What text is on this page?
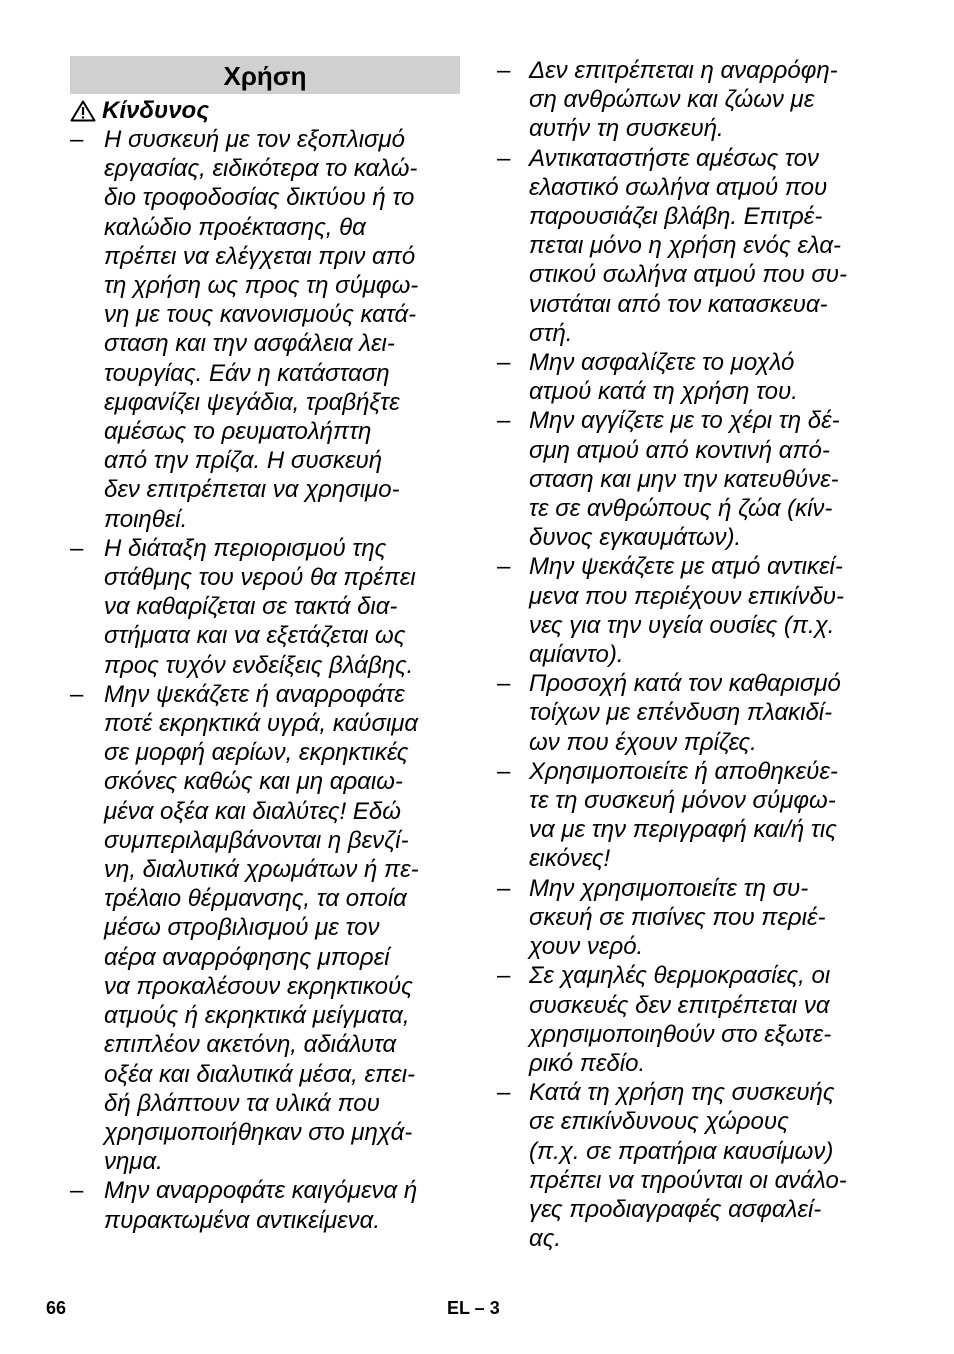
Χρήση
Κίνδυνος
– Η συσκευή με τον εξοπλισμό
εργασίας, ειδικότερα το καλώ-
διο τροφοδοσίας δικτύου ή το
καλώδιο προέκτασης, θα
πρέπει να ελέγχεται πριν από
τη χρήση ως προς τη σύμφω-
νη με τους κανονισμούς κατά-
σταση και την ασφάλεια λει-
τουργίας. Εάν η κατάσταση
εμφανίζει ψεγάδια, τραβήξτε
αμέσως το ρευματολήπτη
από την πρίζα. Η συσκευή
δεν επιτρέπεται να χρησιμο-
ποιηθεί.
– Η διάταξη περιορισμού της
στάθμης του νερού θα πρέπει
να καθαρίζεται σε τακτά δια-
στήματα και να εξετάζεται ως
προς τυχόν ενδείξεις βλάβης.
– Μην ψεκάζετε ή αναρροφάτε
ποτέ εκρηκτικά υγρά, καύσιμα
σε μορφή αερίων, εκρηκτικές
σκόνες καθώς και μη αραιω-
μένα οξέα και διαλύτες! Εδώ
συμπεριλαμβάνονται η βενζί-
νη, διαλυτικά χρωμάτων ή πε-
τρέλαιο θέρμανσης, τα οποία
μέσω στροβιλισμού με τον
αέρα αναρρόφησης μπορεί
να προκαλέσουν εκρηκτικούς
ατμούς ή εκρηκτικά μείγματα,
επιπλέον ακετόνη, αδιάλυτα
οξέα και διαλυτικά μέσα, επει-
δή βλάπτουν τα υλικά που
χρησιμοποιήθηκαν στο μηχά-
νημα.
– Μην αναρροφάτε καιγόμενα ή
πυρακτωμένα αντικείμενα.
– Δεν επιτρέπεται η αναρρόφη-
ση ανθρώπων και ζώων με
αυτήν τη συσκευή.
– Αντικαταστήστε αμέσως τον
ελαστικό σωλήνα ατμού που
παρουσιάζει βλάβη. Επιτρέ-
πεται μόνο η χρήση ενός ελα-
στικού σωλήνα ατμού που συ-
νιστάται από τον κατασκευα-
στή.
– Μην ασφαλίζετε το μοχλό
ατμού κατά τη χρήση του.
– Μην αγγίζετε με το χέρι τη δέ-
σμη ατμού από κοντινή από-
σταση και μην την κατευθύνε-
τε σε ανθρώπους ή ζώα (κίν-
δυνος εγκαυμάτων).
– Μην ψεκάζετε με ατμό αντικεί-
μενα που περιέχουν επικίνδυ-
νες για την υγεία ουσίες (π.χ.
αμίαντο).
– Προσοχή κατά τον καθαρισμό
τοίχων με επένδυση πλακιδί-
ων που έχουν πρίζες.
– Χρησιμοποιείτε ή αποθηκεύε-
τε τη συσκευή μόνον σύμφω-
να με την περιγραφή και/ή τις
εικόνες!
– Μην χρησιμοποιείτε τη συ-
σκευή σε πισίνες που περιέ-
χουν νερό.
– Σε χαμηλές θερμοκρασίες, οι
συσκευές δεν επιτρέπεται να
χρησιμοποιηθούν στο εξωτε-
ρικό πεδίο.
– Κατά τη χρήση της συσκευής
σε επικίνδυνους χώρους
(π.χ. σε πρατήρια καυσίμων)
πρέπει να τηρούνται οι ανάλο-
γες προδιαγραφές ασφαλεί-
ας.
66	EL – 3
